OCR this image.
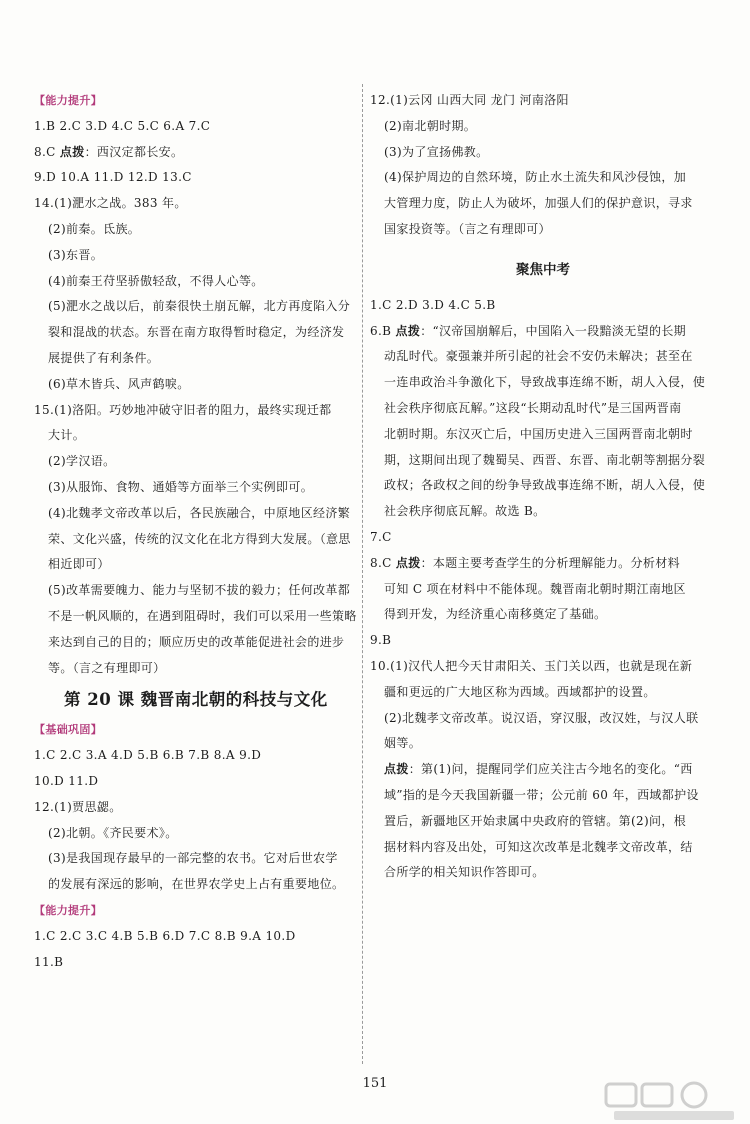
【能力提升】
1.B 2.C 3.D 4.C 5.C 6.A 7.C
8.C 点拨：西汉定都长安。
9.D 10.A 11.D 12.D 13.C
14.(1)淝水之战。383 年。
(2)前秦。氐族。
(3)东晋。
(4)前秦王苻坚骄傲轻敌，不得人心等。
(5)淝水之战以后，前秦很快土崩瓦解，北方再度陷入分
裂和混战的状态。东晋在南方取得暂时稳定，为经济发
展提供了有利条件。
(6)草木皆兵、风声鹤唳。
15.(1)洛阳。巧妙地冲破守旧者的阻力，最终实现迁都
大计。
(2)学汉语。
(3)从服饰、食物、通婚等方面举三个实例即可。
(4)北魏孝文帝改革以后，各民族融合，中原地区经济繁
荣、文化兴盛，传统的汉文化在北方得到大发展。（意思
相近即可）
(5)改革需要魄力、能力与坚韧不拔的毅力；任何改革都
不是一帆风顺的，在遇到阻碍时，我们可以采用一些策略
来达到自己的目的；顺应历史的改革能促进社会的进步
等。（言之有理即可）
第 20 课 魏晋南北朝的科技与文化
【基础巩固】
1.C 2.C 3.A 4.D 5.B 6.B 7.B 8.A 9.D
10.D 11.D
12.(1)贾思勰。
(2)北朝。《齐民要术》。
(3)是我国现存最早的一部完整的农书。它对后世农学
的发展有深远的影响，在世界农学史上占有重要地位。
【能力提升】
1.C 2.C 3.C 4.B 5.B 6.D 7.C 8.B 9.A 10.D
11.B
12.(1)云冈 山西大同 龙门 河南洛阳
(2)南北朝时期。
(3)为了宣扬佛教。
(4)保护周边的自然环境，防止水土流失和风沙侵蚀，加
大管理力度，防止人为破坏，加强人们的保护意识，寻求
国家投资等。（言之有理即可）
聚焦中考
1.C 2.D 3.D 4.C 5.B
6.B 点拨：“汉帝国崩解后，中国陷入一段黯淡无望的长期
动乱时代。豪强兼并所引起的社会不安仍未解决；甚至在
一连串政治斗争激化下，导致战事连绵不断，胡人入侵，使
社会秩序彻底瓦解。”这段“长期动乱时代”是三国两晋南
北朝时期。东汉灭亡后，中国历史进入三国两晋南北朝时
期，这期间出现了魏蜀吴、西晋、东晋、南北朝等割据分裂
政权；各政权之间的纷争导致战事连绵不断，胡人入侵，使
社会秩序彻底瓦解。故选 B。
7.C
8.C 点拨：本题主要考查学生的分析理解能力。分析材料
可知 C 项在材料中不能体现。魏晋南北朝时期江南地区
得到开发，为经济重心南移奠定了基础。
9.B
10.(1)汉代人把今天甘肃阳关、玉门关以西，也就是现在新
疆和更远的广大地区称为西域。西域都护的设置。
(2)北魏孝文帝改革。说汉语，穿汉服，改汉姓，与汉人联
姻等。
点拨：第(1)问，提醒同学们应关注古今地名的变化。“西
域”指的是今天我国新疆一带；公元前 60 年，西域都护设
置后，新疆地区开始隶属中央政府的管辖。第(2)问，根
据材料内容及出处，可知这次改革是北魏孝文帝改革，结
合所学的相关知识作答即可。
151
